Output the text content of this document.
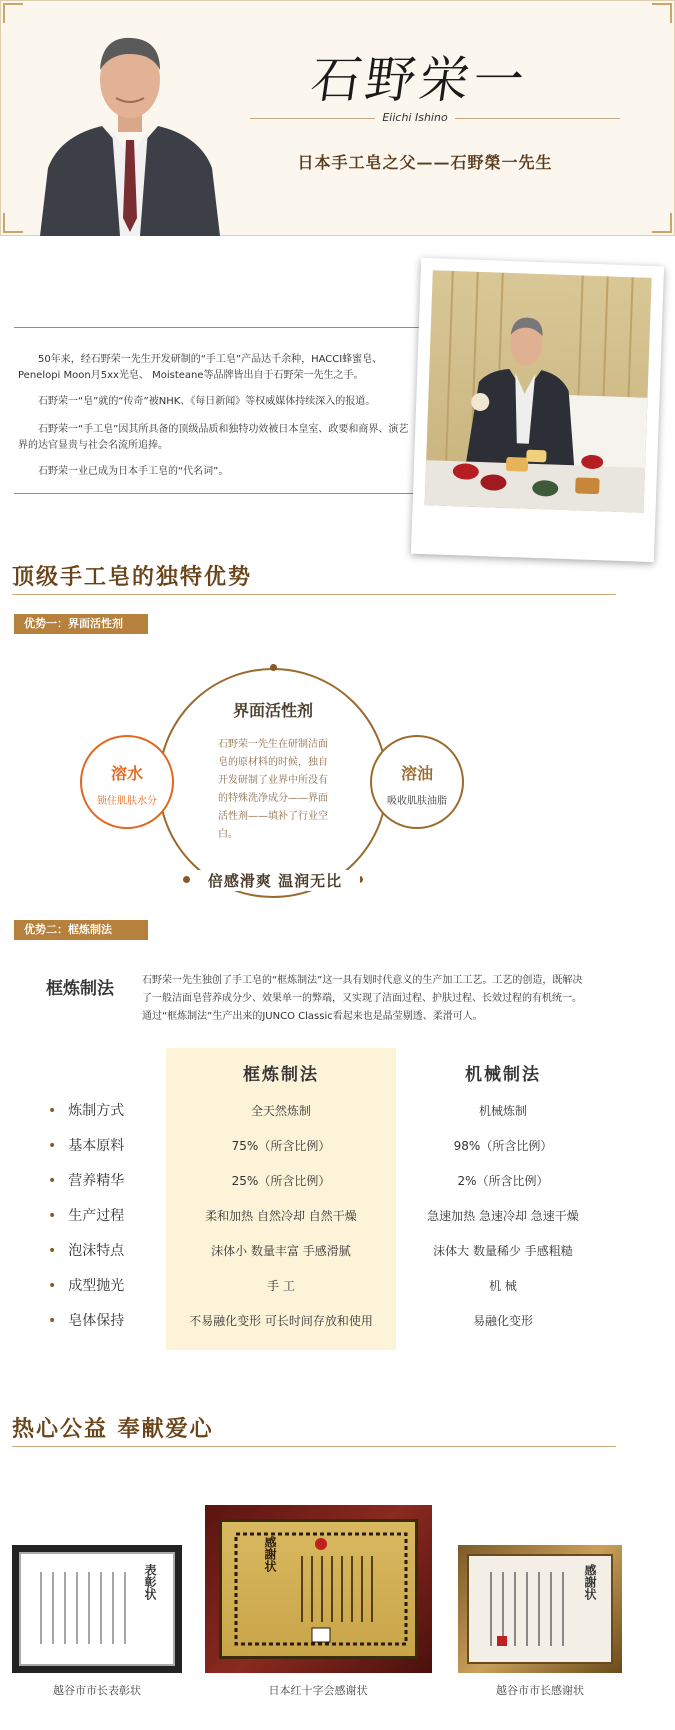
石野栄一
Eiichi Ishino
日本手工皂之父——石野榮一先生
50年来，经石野荣一先生开发研制的“手工皂”产品达千余种，HACCI蜂蜜皂、Penelopi Moon月5xx光皂、 Moisteane等品牌皆出自于石野荣一先生之手。
石野荣一“皂”就的“传奇”被NHK、《每日新闻》等权威媒体持续深入的报道。
石野荣一“手工皂”因其所具备的顶级品质和独特功效被日本皇室、政要和商界、演艺界的达官显贵与社会名流所追捧。
石野荣一业已成为日本手工皂的“代名词”。
顶级手工皂的独特优势
优势一：界面活性剂
界面活性剂
石野荣一先生在研制洁面皂的原材料的时候，独自开发研制了业界中所没有的特殊洗净成分——界面活性剂——填补了行业空白。
溶水
锁住肌肤水分
溶油
吸收肌肤油脂
倍感滑爽 温润无比
优势二：框炼制法
框炼制法	石野荣一先生独创了手工皂的“框炼制法”这一具有划时代意义的生产加工工艺。工艺的创造，既解决了一般洁面皂营养成分少、效果单一的弊端，又实现了洁面过程、护肤过程、长效过程的有机统一。通过“框炼制法”生产出来的JUNCO Classic看起来也是晶莹剔透、柔滑可人。
框炼制法	机械制法
• 炼制方式	全天然炼制	机械炼制
• 基本原料	75%（所含比例）	98%（所含比例）
• 营养精华	25%（所含比例）	2%（所含比例）
• 生产过程	柔和加热 自然冷却 自然干燥	急速加热 急速冷却 急速干燥
• 泡沫特点	沫体小 数量丰富 手感滑腻	沫体大 数量稀少 手感粗糙
• 成型抛光	手 工	机 械
• 皂体保持	不易融化变形 可长时间存放和使用	易融化变形
热心公益 奉献爱心
表彰状
越谷市市长表彰状
感謝状
日本红十字会感谢状
感謝状
越谷市市长感谢状
